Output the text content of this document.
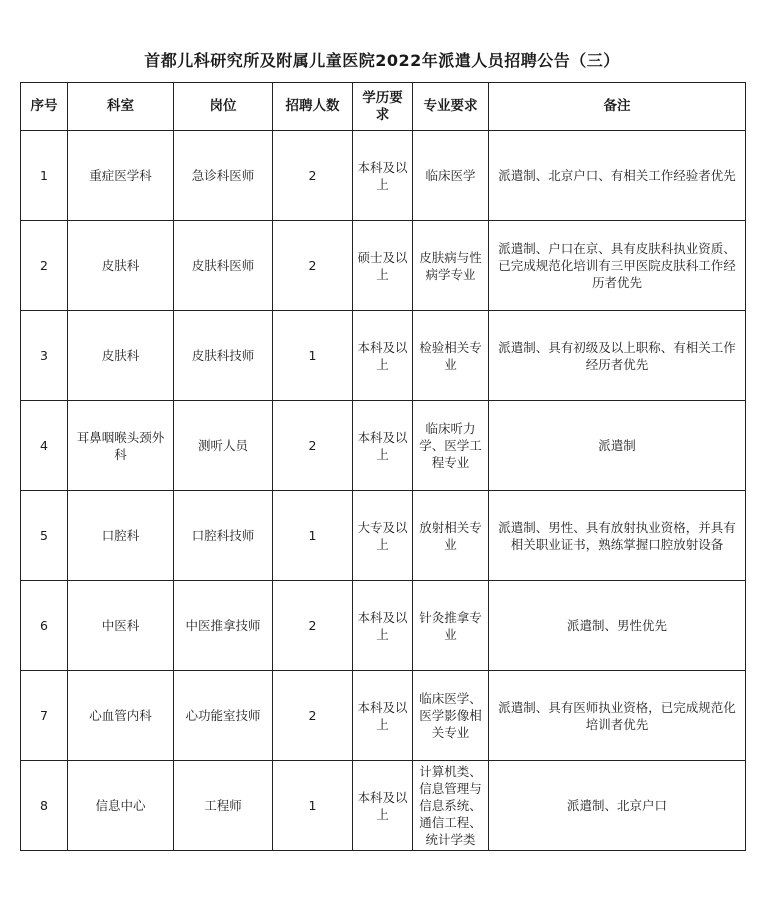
首都儿科研究所及附属儿童医院2022年派遣人员招聘公告（三）
序号	科室	岗位	招聘人数	学历要求	专业要求	备注
1	重症医学科	急诊科医师	2	本科及以上	临床医学	派遣制、北京户口、有相关工作经验者优先
2	皮肤科	皮肤科医师	2	硕士及以上	皮肤病与性病学专业	派遣制、户口在京、具有皮肤科执业资质、已完成规范化培训有三甲医院皮肤科工作经历者优先
3	皮肤科	皮肤科技师	1	本科及以上	检验相关专业	派遣制、具有初级及以上职称、有相关工作经历者优先
4	耳鼻咽喉头颈外科	测听人员	2	本科及以上	临床听力学、医学工程专业	派遣制
5	口腔科	口腔科技师	1	大专及以上	放射相关专业	派遣制、男性、具有放射执业资格，并具有相关职业证书，熟练掌握口腔放射设备
6	中医科	中医推拿技师	2	本科及以上	针灸推拿专业	派遣制、男性优先
7	心血管内科	心功能室技师	2	本科及以上	临床医学、医学影像相关专业	派遣制、具有医师执业资格，已完成规范化培训者优先
8	信息中心	工程师	1	本科及以上	计算机类、信息管理与信息系统、通信工程、统计学类	派遣制、北京户口
